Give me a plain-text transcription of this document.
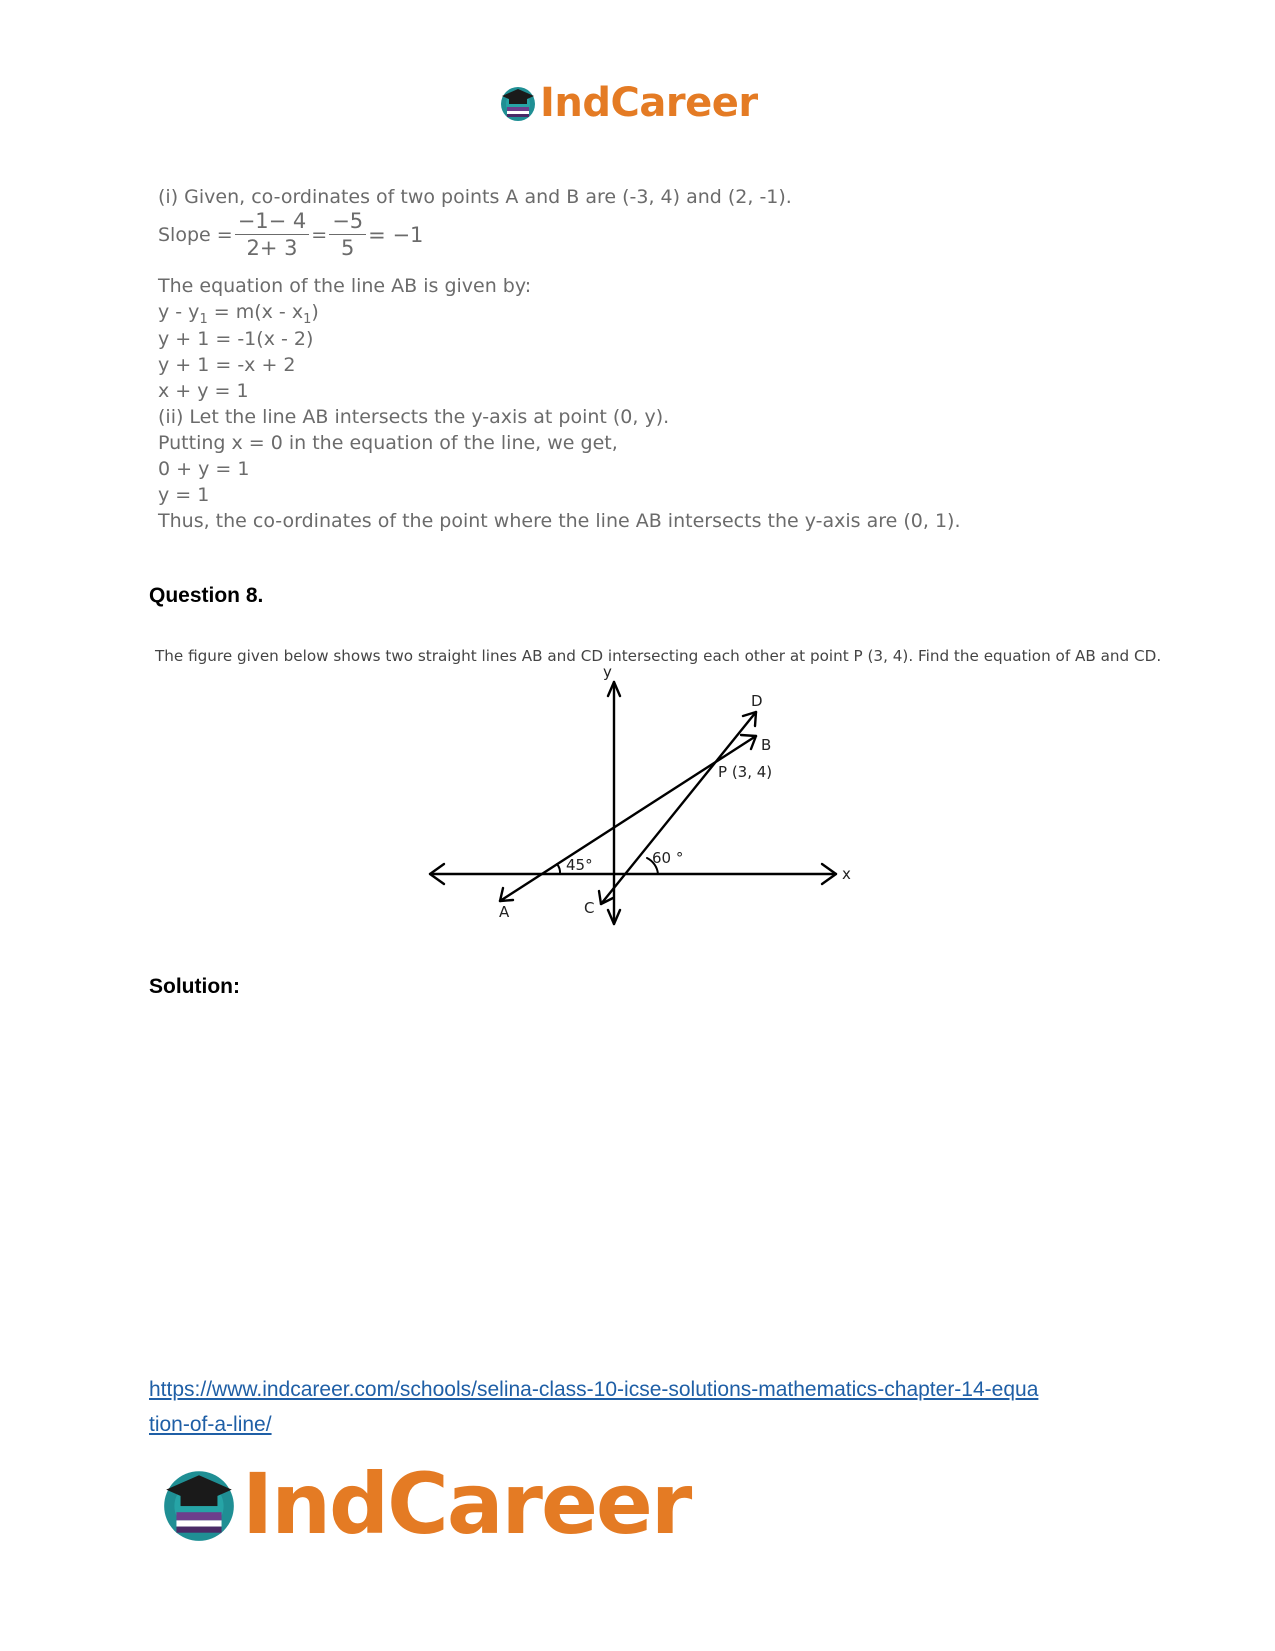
IndCareer
(i) Given, co-ordinates of two points A and B are (-3, 4) and (2, -1).
Slope = $\frac{-1- 4}{2+ 3} = \frac{-5}{5} = -1$
The equation of the line AB is given by:
$y - y_1 = m(x - x_1)$
y + 1 = -1(x - 2)
y + 1 = -x + 2
x + y = 1
(ii) Let the line AB intersects the y-axis at point (0, y).
Putting x = 0 in the equation of the line, we get,
0 + y = 1
y = 1
Thus, the co-ordinates of the point where the line AB intersects the y-axis are (0, 1).
Question 8.
The figure given below shows two straight lines AB and CD intersecting each other at point P (3, 4). Find the equation of AB and CD.
y
x
D
B
P (3, 4)
A	C
45°	60 °
Solution:
https://www.indcareer.com/schools/selina-class-10-icse-solutions-mathematics-chapter-14-equa
tion-of-a-line/
IndCareer
